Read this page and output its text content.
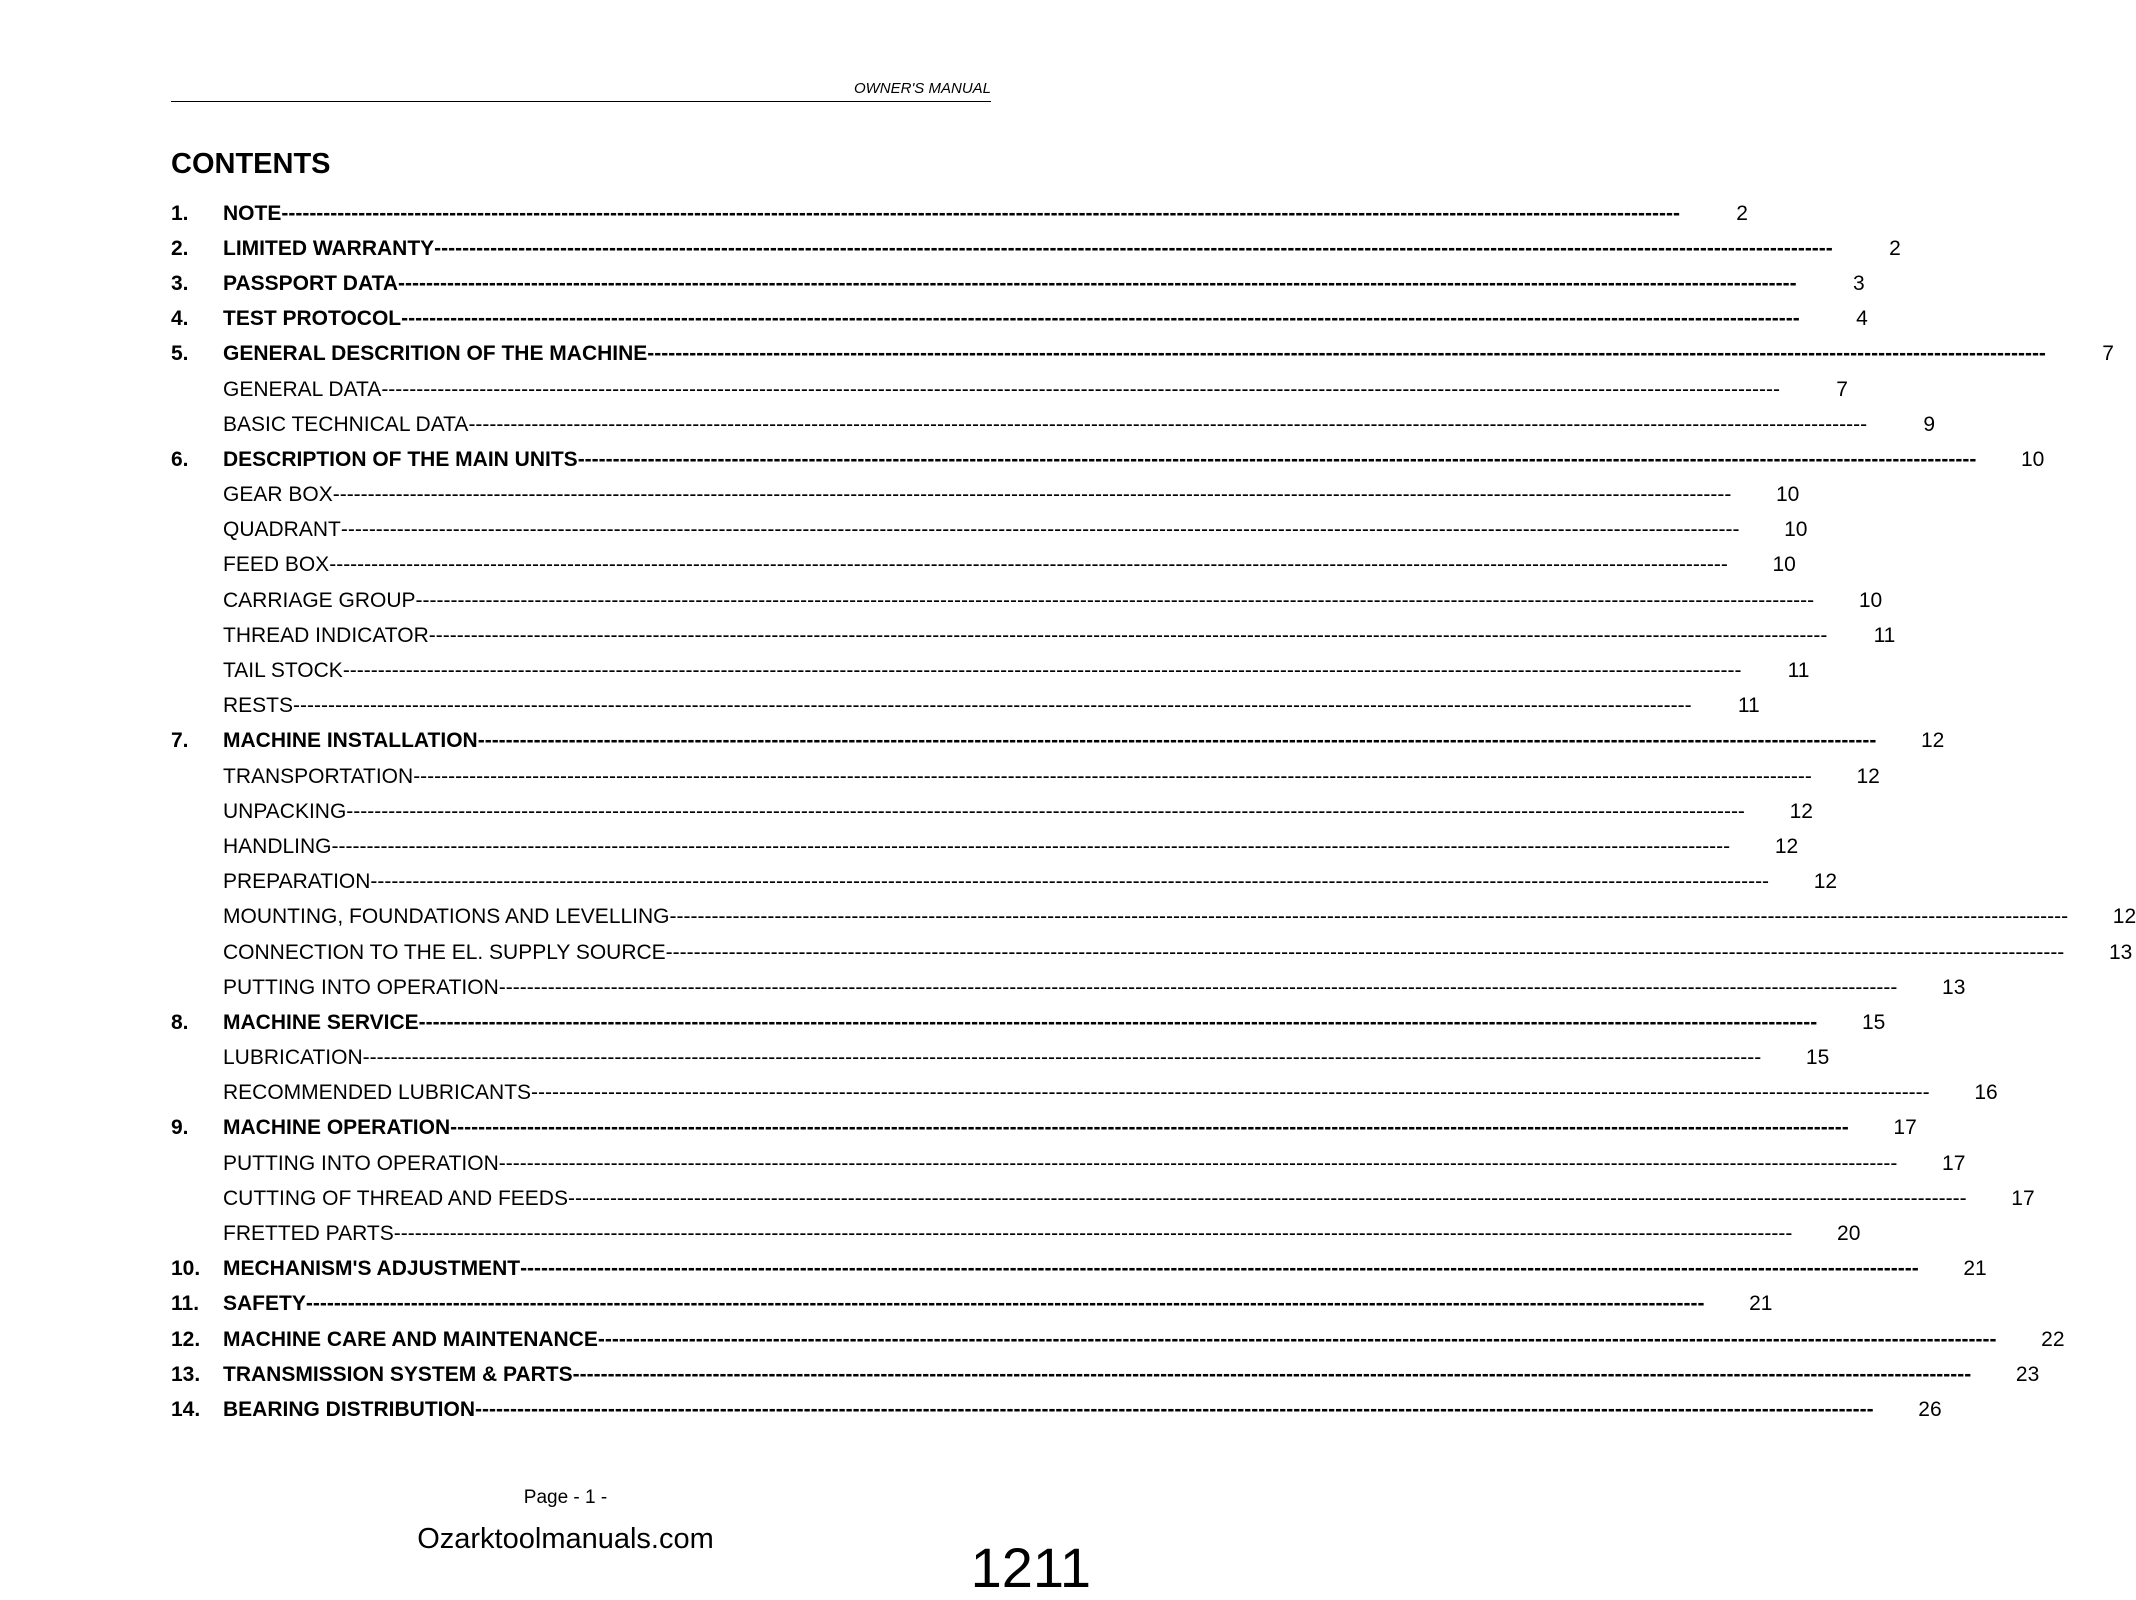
OWNER'S MANUAL
CONTENTS
1.	NOTE --------------------------------------------------------------------------------------------------------------------------------------------------------------------------------------------------------	2
2.	LIMITED WARRANTY --------------------------------------------------------------------------------------------------------------------------------------------------------------------------------------------------------	2
3.	PASSPORT DATA --------------------------------------------------------------------------------------------------------------------------------------------------------------------------------------------------------	3
4.	TEST PROTOCOL --------------------------------------------------------------------------------------------------------------------------------------------------------------------------------------------------------	4
5.	GENERAL DESCRITION OF THE MACHINE --------------------------------------------------------------------------------------------------------------------------------------------------------------------------------------------------------	7
GENERAL DATA --------------------------------------------------------------------------------------------------------------------------------------------------------------------------------------------------------	7
BASIC TECHNICAL DATA --------------------------------------------------------------------------------------------------------------------------------------------------------------------------------------------------------	9
6.	DESCRIPTION OF THE MAIN UNITS --------------------------------------------------------------------------------------------------------------------------------------------------------------------------------------------------------	10
GEAR BOX --------------------------------------------------------------------------------------------------------------------------------------------------------------------------------------------------------	10
QUADRANT --------------------------------------------------------------------------------------------------------------------------------------------------------------------------------------------------------	10
FEED BOX --------------------------------------------------------------------------------------------------------------------------------------------------------------------------------------------------------	10
CARRIAGE GROUP --------------------------------------------------------------------------------------------------------------------------------------------------------------------------------------------------------	10
THREAD INDICATOR --------------------------------------------------------------------------------------------------------------------------------------------------------------------------------------------------------	11
TAIL STOCK --------------------------------------------------------------------------------------------------------------------------------------------------------------------------------------------------------	11
RESTS --------------------------------------------------------------------------------------------------------------------------------------------------------------------------------------------------------	11
7.	MACHINE INSTALLATION --------------------------------------------------------------------------------------------------------------------------------------------------------------------------------------------------------	12
TRANSPORTATION --------------------------------------------------------------------------------------------------------------------------------------------------------------------------------------------------------	12
UNPACKING --------------------------------------------------------------------------------------------------------------------------------------------------------------------------------------------------------	12
HANDLING --------------------------------------------------------------------------------------------------------------------------------------------------------------------------------------------------------	12
PREPARATION --------------------------------------------------------------------------------------------------------------------------------------------------------------------------------------------------------	12
MOUNTING, FOUNDATIONS AND LEVELLING --------------------------------------------------------------------------------------------------------------------------------------------------------------------------------------------------------	12
CONNECTION TO THE EL. SUPPLY SOURCE --------------------------------------------------------------------------------------------------------------------------------------------------------------------------------------------------------	13
PUTTING INTO OPERATION --------------------------------------------------------------------------------------------------------------------------------------------------------------------------------------------------------	13
8.	MACHINE SERVICE --------------------------------------------------------------------------------------------------------------------------------------------------------------------------------------------------------	15
LUBRICATION --------------------------------------------------------------------------------------------------------------------------------------------------------------------------------------------------------	15
RECOMMENDED LUBRICANTS --------------------------------------------------------------------------------------------------------------------------------------------------------------------------------------------------------	16
9.	MACHINE OPERATION --------------------------------------------------------------------------------------------------------------------------------------------------------------------------------------------------------	17
PUTTING INTO OPERATION --------------------------------------------------------------------------------------------------------------------------------------------------------------------------------------------------------	17
CUTTING OF THREAD AND FEEDS --------------------------------------------------------------------------------------------------------------------------------------------------------------------------------------------------------	17
FRETTED PARTS --------------------------------------------------------------------------------------------------------------------------------------------------------------------------------------------------------	20
10.	MECHANISM'S ADJUSTMENT --------------------------------------------------------------------------------------------------------------------------------------------------------------------------------------------------------	21
11.	SAFETY --------------------------------------------------------------------------------------------------------------------------------------------------------------------------------------------------------	21
12.	MACHINE CARE AND MAINTENANCE --------------------------------------------------------------------------------------------------------------------------------------------------------------------------------------------------------	22
13.	TRANSMISSION SYSTEM & PARTS --------------------------------------------------------------------------------------------------------------------------------------------------------------------------------------------------------	23
14.	BEARING DISTRIBUTION --------------------------------------------------------------------------------------------------------------------------------------------------------------------------------------------------------	26
Page - 1 -
Ozarktoolmanuals.com	1211
